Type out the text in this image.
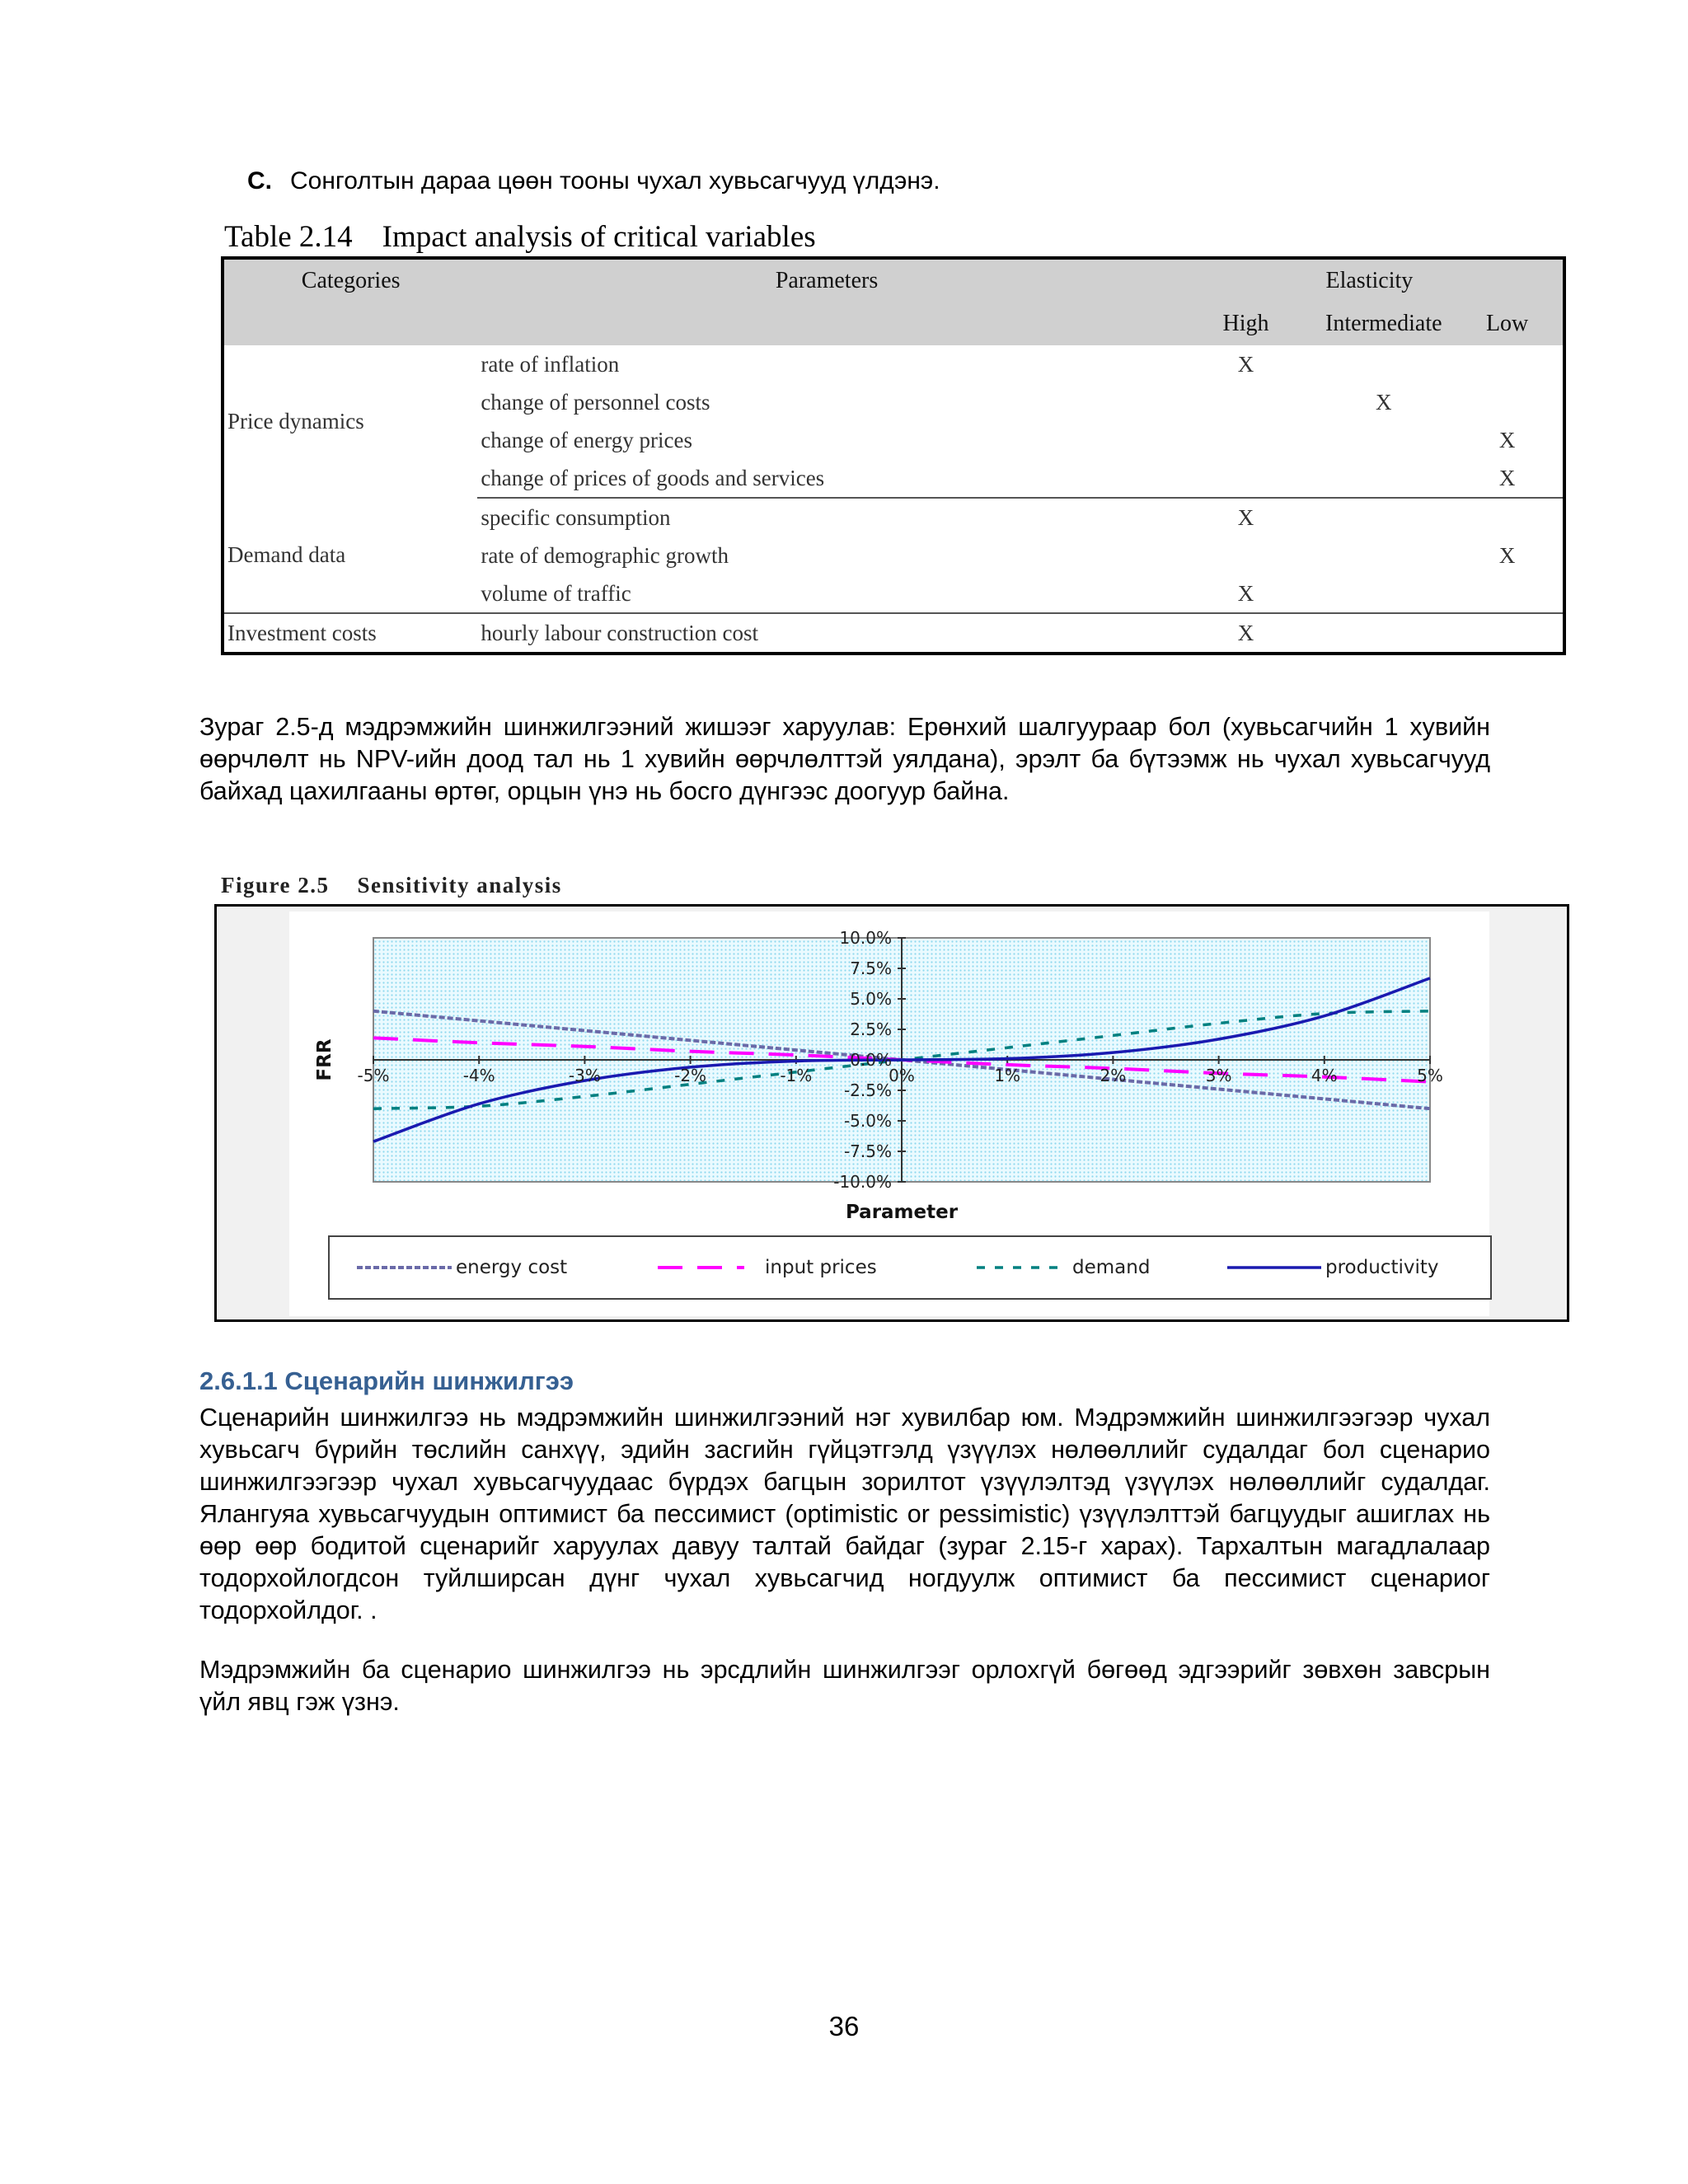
C. Сонголтын дараа цөөн тооны чухал хувьсагчууд үлдэнэ.
Table 2.14 Impact analysis of critical variables
Categories	Parameters	Elasticity		
		High	Intermediate	Low
Price dynamics	rate of inflation	X		
	change of personnel costs		X	
	change of energy prices			X
	change of prices of goods and services			X
Demand data	specific consumption	X		
	rate of demographic growth			X
	volume of traffic	X		
Investment costs	hourly labour construction cost	X		
Зураг 2.5-д мэдрэмжийн шинжилгээний жишээг харуулав: Ерөнхий шалгуураар бол (хувьсагчийн 1 хувийн өөрчлөлт нь NPV-ийн доод тал нь 1 хувийн өөрчлөлттэй уялдана), эрэлт ба бүтээмж нь чухал хувьсагчууд байхад цахилгааны өртөг, орцын үнэ нь босго дүнгээс доогуур байна.
Figure 2.5 Sensitivity analysis
-5%	-4%	-3%	-2%	-1%	0%	1%	2%	3%	4%	5%
10.0%
7.5%
5.0%
2.5%
0.0%
-2.5%
-5.0%
-7.5%
-10.0%
Parameter
FRR
energy cost	input prices	demand	productivity
2.6.1.1 Сценарийн шинжилгээ
Сценарийн шинжилгээ нь мэдрэмжийн шинжилгээний нэг хувилбар юм. Мэдрэмжийн шинжилгээгээр чухал хувьсагч бүрийн төслийн санхүү, эдийн засгийн гүйцэтгэлд үзүүлэх нөлөөллийг судалдаг бол сценарио шинжилгээгээр чухал хувьсагчуудаас бүрдэх багцын зорилтот үзүүлэлтэд үзүүлэх нөлөөллийг судалдаг. Ялангуяа хувьсагчуудын оптимист ба пессимист (optimistic or pessimistic) үзүүлэлттэй багцуудыг ашиглах нь өөр өөр бодитой сценарийг харуулах давуу талтай байдаг (зураг 2.15-г харах). Тархалтын магадлалаар тодорхойлогдсон туйлширсан дүнг чухал хувьсагчид ногдуулж оптимист ба пессимист сценариог тодорхойлдог. .
Мэдрэмжийн ба сценарио шинжилгээ нь эрсдлийн шинжилгээг орлохгүй бөгөөд эдгээрийг зөвхөн завсрын үйл явц гэж үзнэ.
36
